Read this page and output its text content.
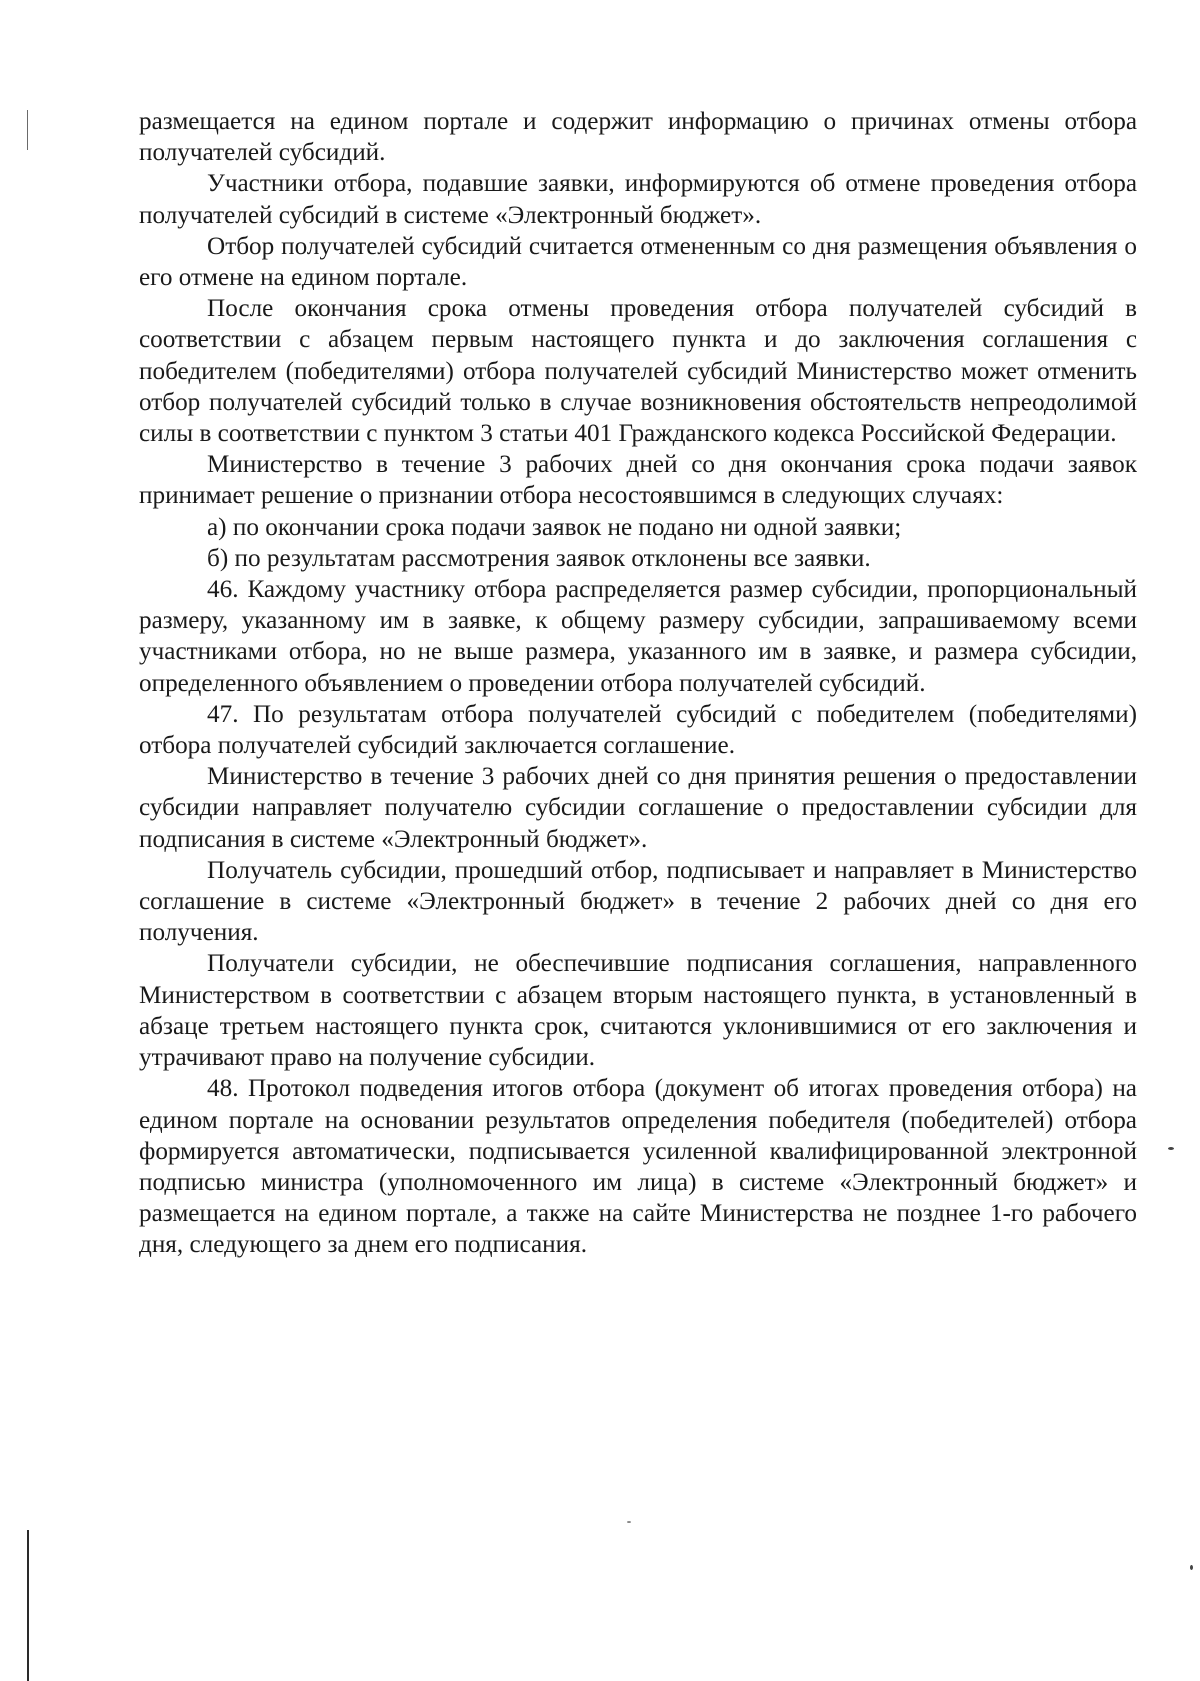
размещается на едином портале и содержит информацию о причинах отмены отбора получателей субсидий.

Участники отбора, подавшие заявки, информируются об отмене проведения отбора получателей субсидий в системе «Электронный бюджет».

Отбор получателей субсидий считается отмененным со дня размещения объявления о его отмене на едином портале.

После окончания срока отмены проведения отбора получателей субсидий в соответствии с абзацем первым настоящего пункта и до заключения соглашения с победителем (победителями) отбора получателей субсидий Министерство может отменить отбор получателей субсидий только в случае возникновения обстоятельств непреодолимой силы в соответствии с пунктом 3 статьи 401 Гражданского кодекса Российской Федерации.

Министерство в течение 3 рабочих дней со дня окончания срока подачи заявок принимает решение о признании отбора несостоявшимся в следующих случаях:

а) по окончании срока подачи заявок не подано ни одной заявки;

б) по результатам рассмотрения заявок отклонены все заявки.

46. Каждому участнику отбора распределяется размер субсидии, пропорциональный размеру, указанному им в заявке, к общему размеру субсидии, запрашиваемому всеми участниками отбора, но не выше размера, указанного им в заявке, и размера субсидии, определенного объявлением о проведении отбора получателей субсидий.

47. По результатам отбора получателей субсидий с победителем (победителями) отбора получателей субсидий заключается соглашение.

Министерство в течение 3 рабочих дней со дня принятия решения о предоставлении субсидии направляет получателю субсидии соглашение о предоставлении субсидии для подписания в системе «Электронный бюджет».

Получатель субсидии, прошедший отбор, подписывает и направляет в Министерство соглашение в системе «Электронный бюджет» в течение 2 рабочих дней со дня его получения.

Получатели субсидии, не обеспечившие подписания соглашения, направленного Министерством в соответствии с абзацем вторым настоящего пункта, в установленный в абзаце третьем настоящего пункта срок, считаются уклонившимися от его заключения и утрачивают право на получение субсидии.

48. Протокол подведения итогов отбора (документ об итогах проведения отбора) на едином портале на основании результатов определения победителя (победителей) отбора формируется автоматически, подписывается усиленной квалифицированной электронной подписью министра (уполномоченного им лица) в системе «Электронный бюджет» и размещается на едином портале, а также на сайте Министерства не позднее 1-го рабочего дня, следующего за днем его подписания.
